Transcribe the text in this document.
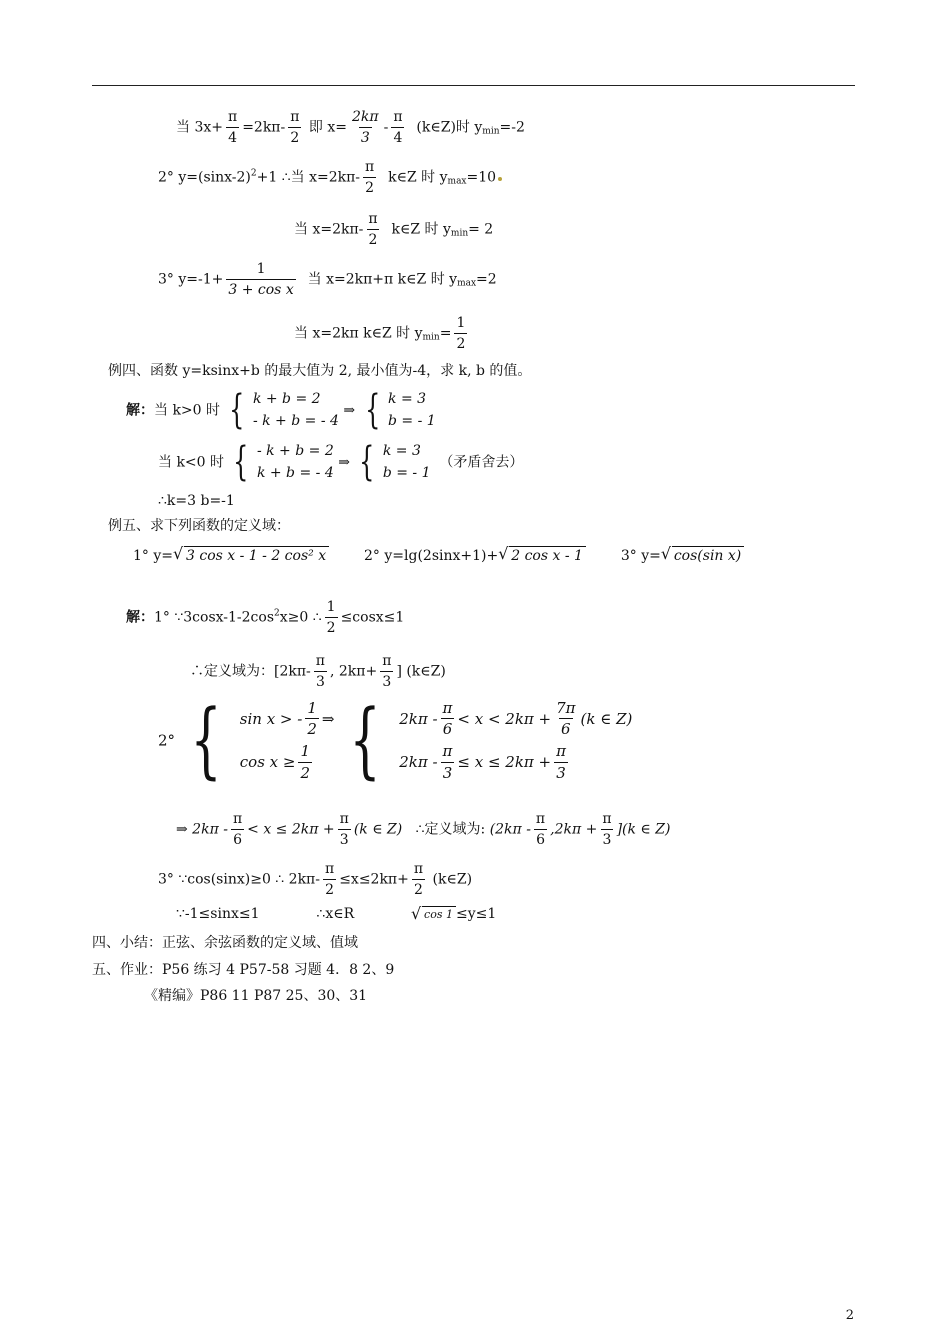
当 $3x+ \frac{\pi}{4} =2k\pi- \frac{\pi}{2}$ 即 $x= \frac{2k\pi}{3} - \frac{\pi}{4}$ (k∈Z)时 $y_{min}=-2$
2° $y=(\sin x-2)^2+1$ ∴当 $x=2k\pi- \frac{\pi}{2}$ k∈Z 时 $y_{max}=10$
当 $x=2k\pi- \frac{\pi}{2}$ k∈Z 时 $y_{min}= 2$
3° $y=-1+ \frac{1}{\text{3 + cos x}}$ 当 x=2kπ+π k∈Z 时 $y_{max}=2$
当 x=2kπ k∈Z 时 $y_{min}= \frac{1}{2}$
例四、函数 y=ksinx+b 的最大值为 2, 最小值为-4，求 k, b 的值。
解：当 k>0 时 { k + b = 2
- k + b = - 4
⇒ { k = 3
b = - 1
当 k<0 时 { - k + b = 2
k + b = - 4
⇒ { k = 3
b = - 1
（矛盾舍去）
∴k=3 b=-1
例五、求下列函数的定义域：
1° y= √ 3 cos x - 1 - 2 cos² x	2° y=lg(2sinx+1)+ √ 2 cos x - 1	3° y= √ cos(sin x)
解：1° $\because 3\cos x-1-2\cos^2x\ge 0$ ∴ $\frac{1}{2} \le\cos x\le 1$
∴定义域为：[$2k\pi- \frac{\pi}{3}$ , $2k\pi+ \frac{\pi}{3}$ ] (k∈Z)
2° { sin x > - $\frac{1}{2}$ ⇒
$\cos x \ge \frac{1}{2}$ { $2k\pi - \frac{\pi}{6} < x < 2k\pi + \frac{7\pi}{6} (k$ ∈ Z)
$2k\pi - \frac{\pi}{3} \le x \le 2k\pi + \frac{\pi}{3}$
⇒ $2k\pi - \frac{\pi}{6} < x \le 2k\pi + \frac{\pi}{3} (k$ ∈ Z) ∴定义域为: $(2k\pi - \frac{\pi}{6} ,2k\pi + \frac{\pi}{3} ](k$ ∈ Z)
3° ∵cos(sinx)≥0 ∴ $2k\pi- \frac{\pi}{2} \le x\le 2k\pi+ \frac{\pi}{2}$ (k∈Z)
∵-1≤sinx≤1	∴x∈R	√ cos 1 ≤y≤1
四、小结：正弦、余弦函数的定义域、值域
五、作业：P56 练习 4 P57-58 习题 4．8 2、9
《精编》P86 11 P87 25、30、31
2
